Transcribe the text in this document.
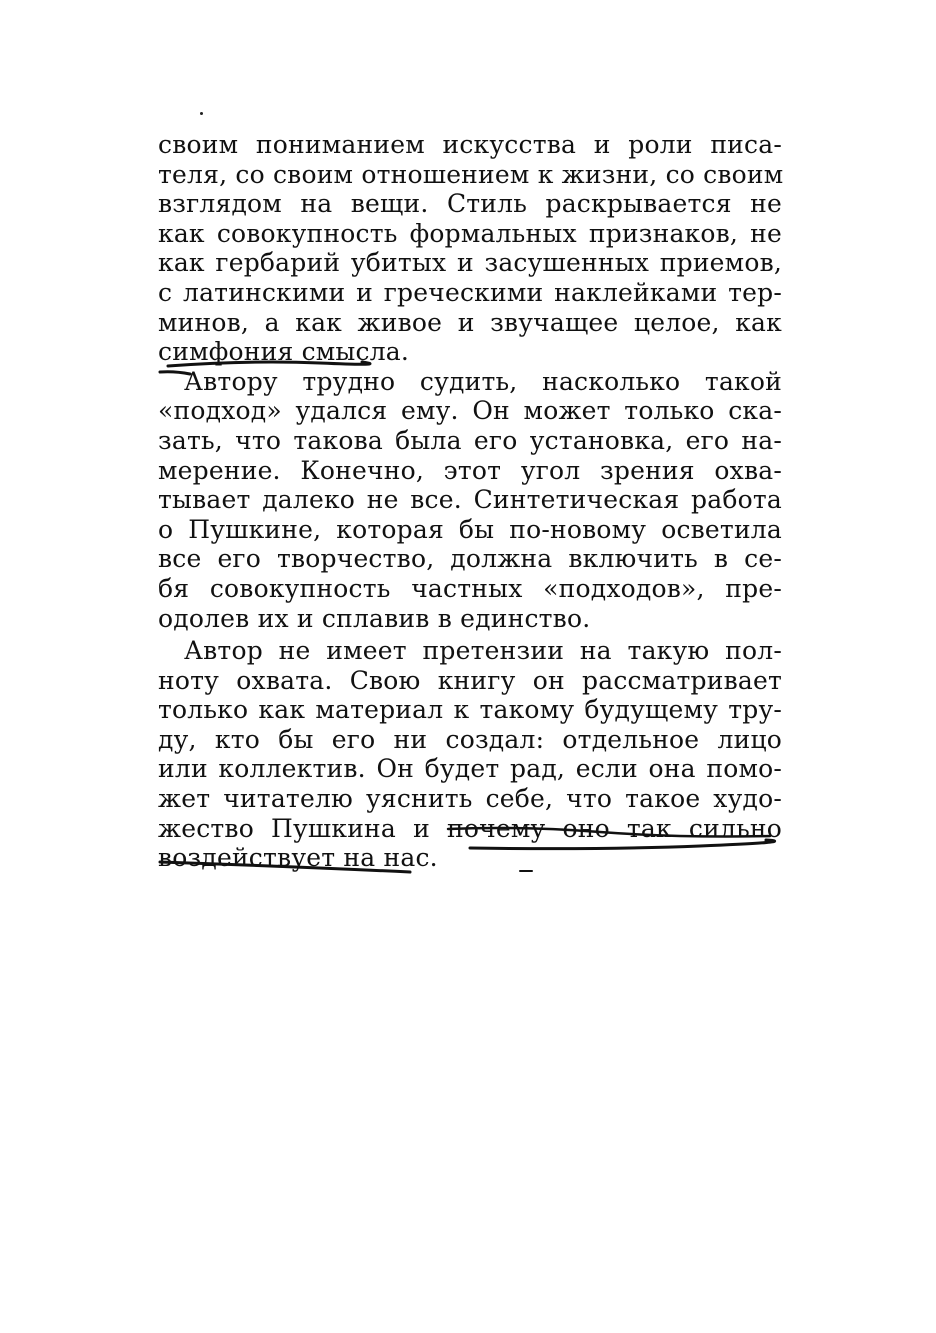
своим пониманием искусства и роли писа-
теля, со своим отношением к жизни, со своим
взглядом на вещи. Стиль раскрывается не
как совокупность формальных признаков, не
как гербарий убитых и засушенных приемов,
с латинскими и греческими наклейками тер-
минов, а как живое и звучащее целое, как
симфония смысла.
Автору трудно судить, насколько такой
«подход» удался ему. Он может только ска-
зать, что такова была его установка, его на-
мерение. Конечно, этот угол зрения охва-
тывает далеко не все. Синтетическая работа
о Пушкине, которая бы по-новому осветила
все его творчество, должна включить в се-
бя совокупность частных «подходов», пре-
одолев их и сплавив в единство.
Автор не имеет претензии на такую пол-
ноту охвата. Свою книгу он рассматривает
только как материал к такому будущему тру-
ду, кто бы его ни создал: отдельное лицо
или коллектив. Он будет рад, если она помо-
жет читателю уяснить себе, что такое худо-
жество Пушкина и почему оно так сильно
воздействует на нас.
